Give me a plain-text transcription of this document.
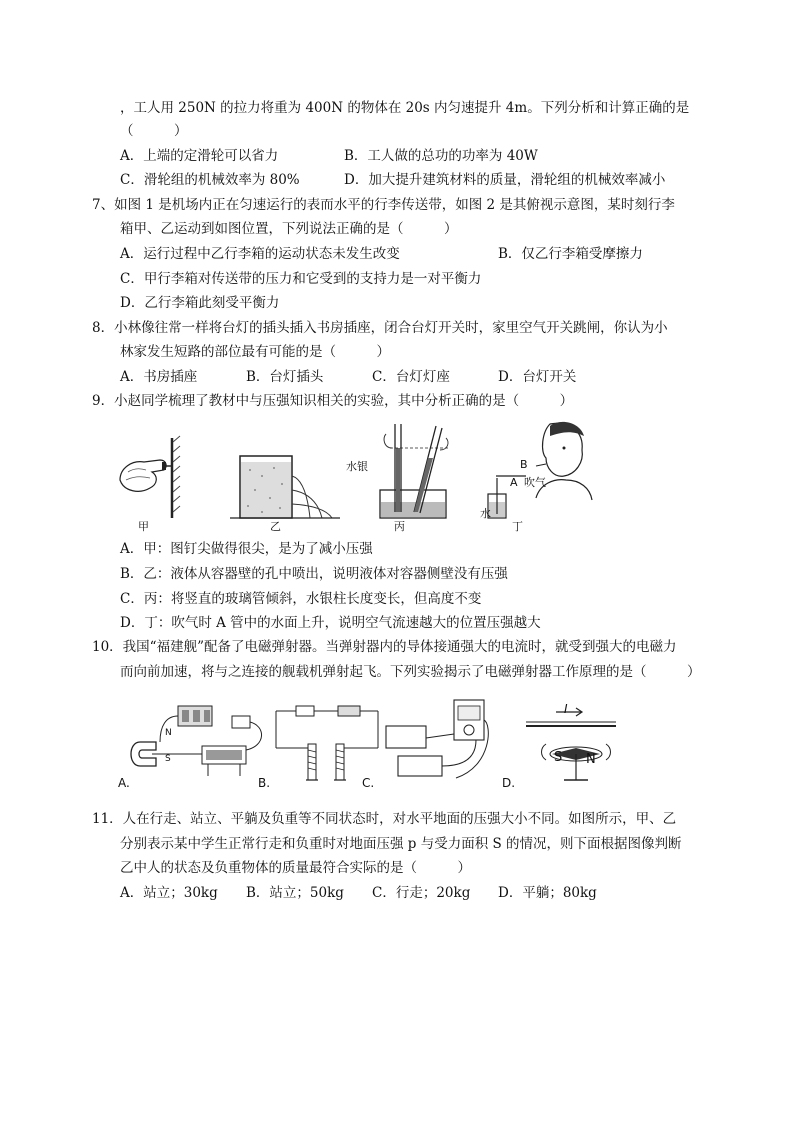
，工人用 250N 的拉力将重为 400N 的物体在 20s 内匀速提升 4m。下列分析和计算正确的是
（　　　）
A．上端的定滑轮可以省力	B．工人做的总功的功率为 40W
C．滑轮组的机械效率为 80%	D．加大提升建筑材料的质量，滑轮组的机械效率减小
7、如图 1 是机场内正在匀速运行的表而水平的行李传送带，如图 2 是其俯视示意图，某时刻行李
箱甲、乙运动到如图位置，下列说法正确的是（　　　）
A．运行过程中乙行李箱的运动状态未发生改变	B．仅乙行李箱受摩擦力
C．甲行李箱对传送带的压力和它受到的支持力是一对平衡力
D．乙行李箱此刻受平衡力
8．小林像往常一样将台灯的插头插入书房插座，闭合台灯开关时，家里空气开关跳闸，你认为小
林家发生短路的部位最有可能的是（　　　）
A．书房插座	B．台灯插头	C．台灯灯座	D．台灯开关
9．小赵同学梳理了教材中与压强知识相关的实验，其中分析正确的是（　　　）
甲	乙
水银
丙
B
A 吹气
水
丁
A．甲：图钉尖做得很尖，是为了减小压强
B．乙：液体从容器壁的孔中喷出，说明液体对容器侧壁没有压强
C．丙：将竖直的玻璃管倾斜，水银柱长度变长，但高度不变
D．丁：吹气时 A 管中的水面上升，说明空气流速越大的位置压强越大
10．我国“福建舰”配备了电磁弹射器。当弹射器内的导体接通强大的电流时，就受到强大的电磁力
而向前加速，将与之连接的舰载机弹射起飞。下列实验揭示了电磁弹射器工作原理的是（　　　）
A.
N
S
B.	C.	D.
I
S N
11．人在行走、站立、平躺及负重等不同状态时，对水平地面的压强大小不同。如图所示，甲、乙
分别表示某中学生正常行走和负重时对地面压强 p 与受力面积 S 的情况，则下面根据图像判断
乙中人的状态及负重物体的质量最符合实际的是（　　　）
A．站立；30kg B．站立；50kg C．行走；20kg D．平躺；80kg
